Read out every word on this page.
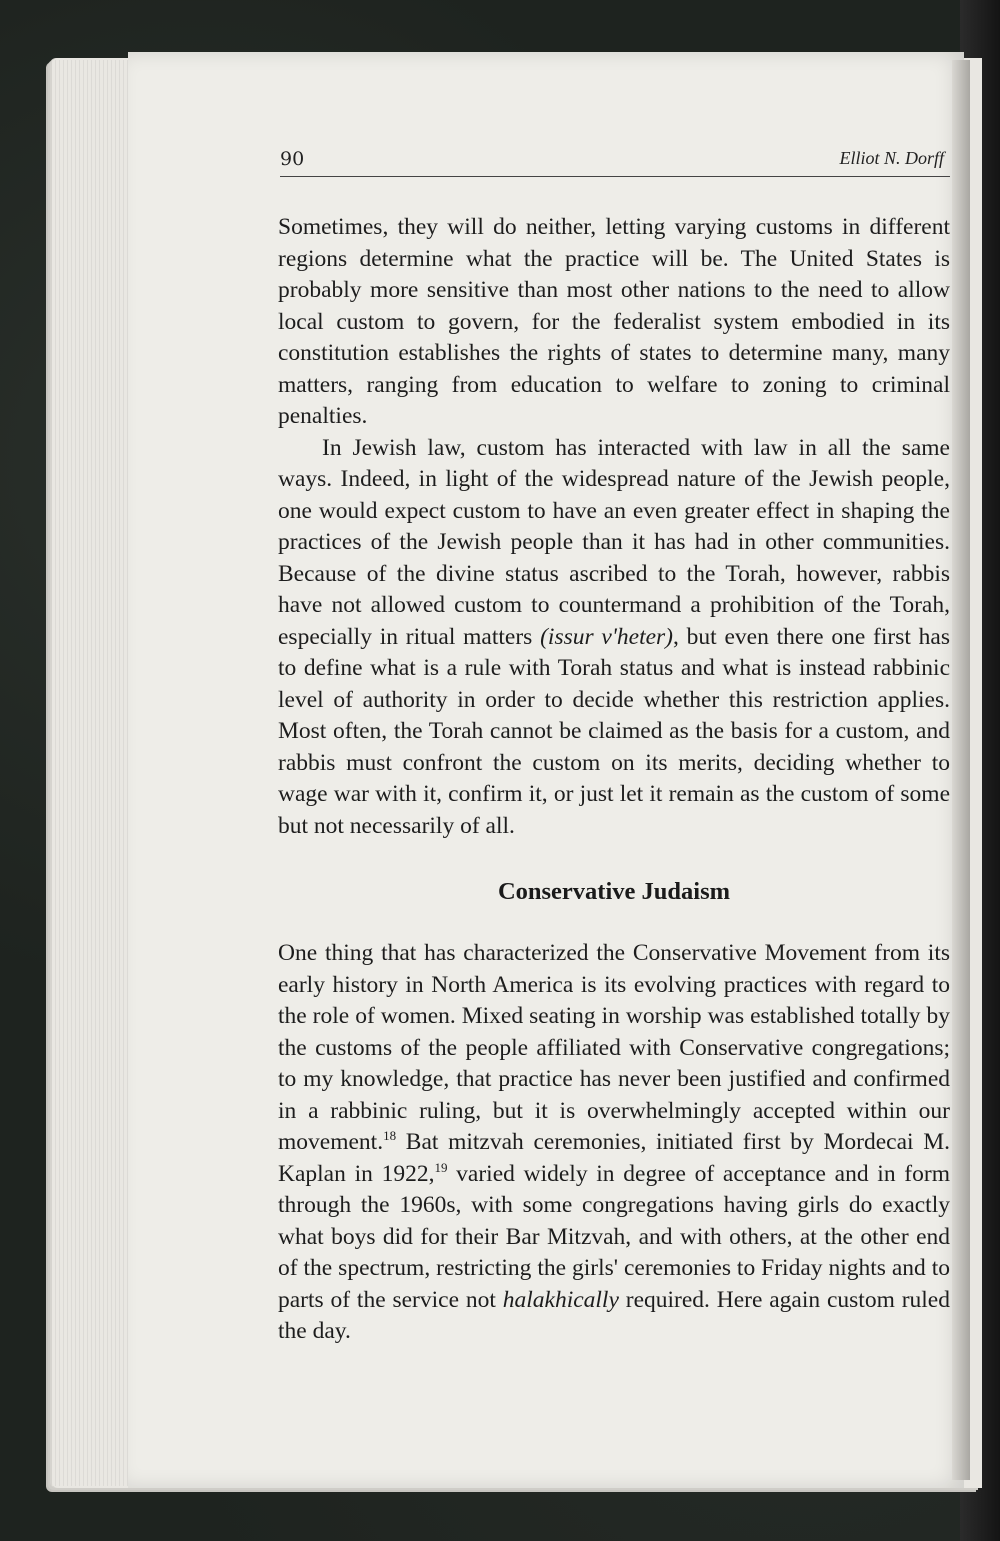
90	Elliot N. Dorff

Sometimes, they will do neither, letting varying customs in different regions determine what the practice will be. The United States is probably more sensitive than most other nations to the need to allow local custom to govern, for the federalist system embodied in its constitution establishes the rights of states to determine many, many matters, ranging from education to welfare to zoning to criminal penalties.

In Jewish law, custom has interacted with law in all the same ways. Indeed, in light of the widespread nature of the Jewish people, one would expect custom to have an even greater effect in shaping the practices of the Jewish people than it has had in other communities. Because of the divine status ascribed to the Torah, however, rabbis have not allowed custom to countermand a prohibition of the Torah, especially in ritual matters (issur v'heter), but even there one first has to define what is a rule with Torah status and what is instead rabbinic level of authority in order to decide whether this restriction applies. Most often, the Torah cannot be claimed as the basis for a custom, and rabbis must confront the custom on its merits, deciding whether to wage war with it, confirm it, or just let it remain as the custom of some but not necessarily of all.

Conservative Judaism

One thing that has characterized the Conservative Movement from its early history in North America is its evolving practices with regard to the role of women. Mixed seating in worship was established totally by the customs of the people affiliated with Conservative congregations; to my knowledge, that practice has never been justified and confirmed in a rabbinic ruling, but it is overwhelmingly accepted within our movement.$^{18}$ Bat mitzvah ceremonies, initiated first by Mordecai M. Kaplan in 1922,19 varied widely in degree of acceptance and in form through the 1960s, with some congregations having girls do exactly what boys did for their Bar Mitzvah, and with others, at the other end of the spectrum, restricting the girls' ceremonies to Friday nights and to parts of the service not halakhically required. Here again custom ruled the day.
